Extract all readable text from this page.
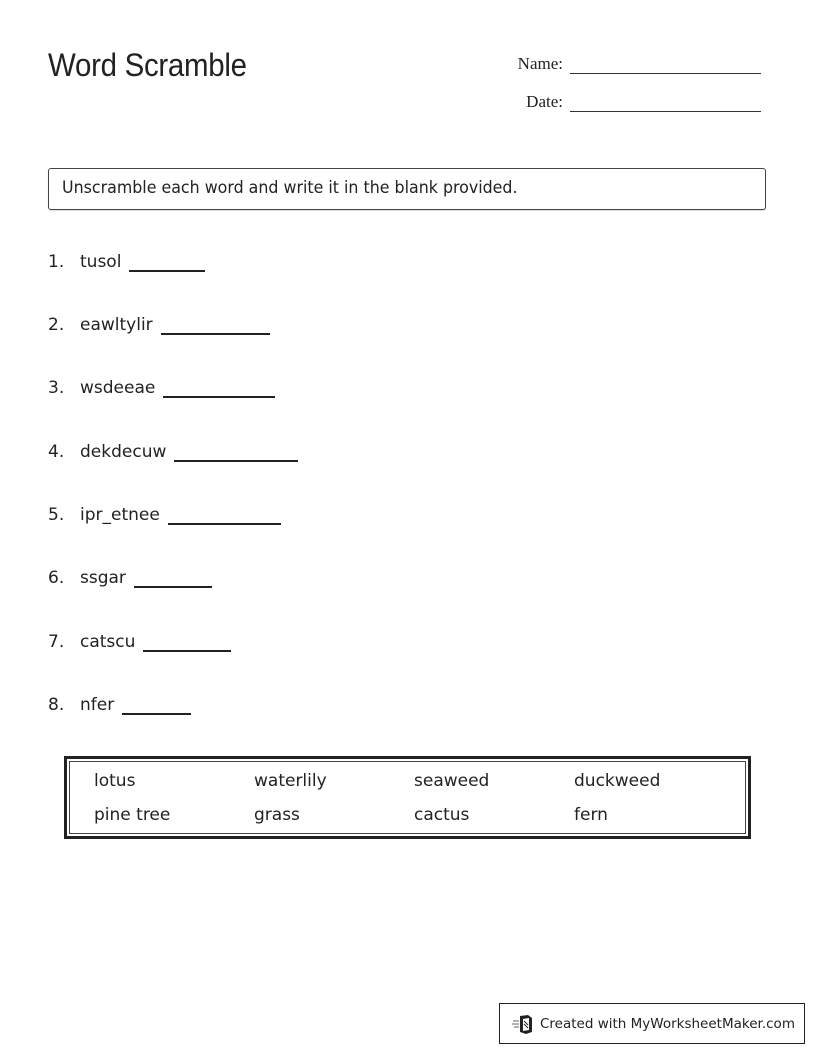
Word Scramble	Name:
Date:
Unscramble each word and write it in the blank provided.
1. tusol
2. eawltylir
3. wsdeeae
4. dekdecuw
5. ipr_etnee
6. ssgar
7. catscu
8. nfer
lotus	waterlily	seaweed	duckweed
pine tree	grass	cactus	fern
Created with MyWorksheetMaker.com
